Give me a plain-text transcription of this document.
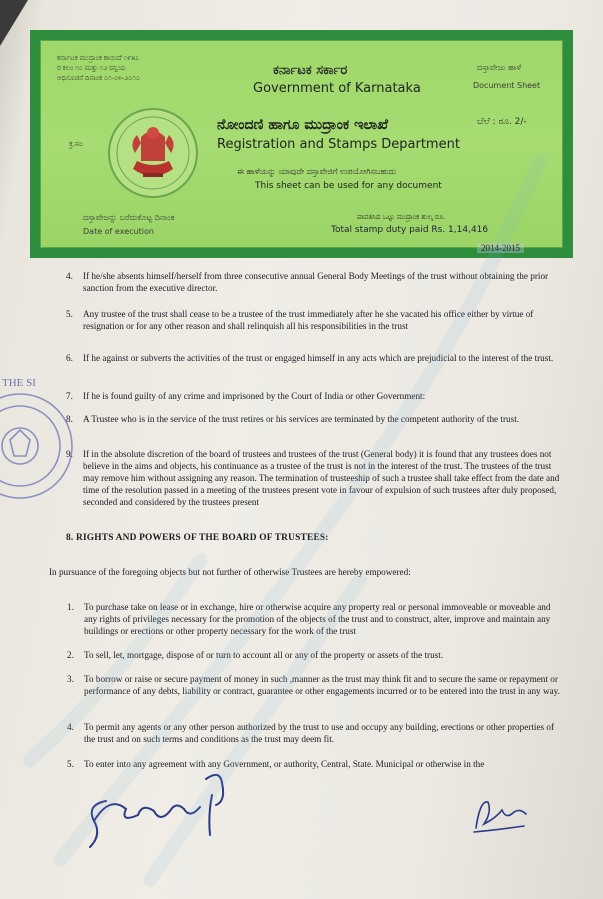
ಕರ್ನಾಟಕ ಮುದ್ರಾಂಕ ಕಾಯಿದೆ ೧೯೫೭
ರ ಕಲಂ ೧೦ ಮತ್ತು ೧೨ ರನ್ವಯ
ಅಧಿಸೂಚನೆ ದಿನಾಂಕ ೦೧-೦೪-೨೦೧೦	ಕರ್ನಾಟಕ ಸರ್ಕಾರ
Government of Karnataka
ದಸ್ತಾವೇಜು ಹಾಳೆ
Document Sheet
ನೋಂದಣಿ ಹಾಗೂ ಮುದ್ರಾಂಕ ಇಲಾಖೆ
Registration and Stamps Department
ಬೆಲೆ : ರೂ. 2/-
ಕ್ರ.ಸಂ
ಈ ಹಾಳೆಯನ್ನು ಯಾವುದೇ ದಸ್ತಾವೇಜಿಗೆ ಉಪಯೋಗಿಸಬಹುದು
This sheet can be used for any document
ದಸ್ತಾವೇಜನ್ನು ಬರೆದುಕೊಟ್ಟ ದಿನಾಂಕ
Date of execution
ಪಾವತಿಸಿದ ಒಟ್ಟು ಮುದ್ರಾಂಕ ಶುಲ್ಕ ರೂ.
Total stamp duty paid Rs. 1,14,416
2014-2015
4. If he/she absents himself/herself from three consecutive annual General Body Meetings of the trust without obtaining the prior sanction from the executive director.
5. Any trustee of the trust shall cease to be a trustee of the trust immediately after he she vacated his office either by virtue of resignation or for any other reason and shall relinquish all his responsibilities in the trust
6. If he against or subverts the activities of the trust or engaged himself in any acts which are prejudicial to the interest of the trust.
7. If he is found guilty of any crime and imprisoned by the Court of India or other Government:
8. A Trustee who is in the service of the trust retires or his services are terminated by the competent authority of the trust.
9. If in the absolute discretion of the board of trustees and trustees of the trust (General body) it is found that any trustees does not believe in the aims and objects, his continuance as a trustee of the trust is not in the interest of the trust. The trustees of the trust may remove him without assigning any reason. The termination of trusteeship of such a trustee shall take effect from the date and time of the resolution passed in a meeting of the trustees present vote in favour of expulsion of such trustees after duly proposed, seconded and considered by the trustees present
8. RIGHTS AND POWERS OF THE BOARD OF TRUSTEES:
In pursuance of the foregoing objects but not further of otherwise Trustees are hereby empowered:
1. To purchase take on lease or in exchange, hire or otherwise acquire any property real or personal immoveable or moveable and any rights of privileges necessary for the promotion of the objects of the trust and to construct, alter, improve and maintain any buildings or erections or other property necessary for the work of the trust
2. To sell, let, mortgage, dispose of or turn to account all or any of the property or assets of the trust.
3. To borrow or raise or secure payment of money in such ,manner as the trust may think fit and to secure the same or repayment or performance of any debts, liability or contract, guarantee or other engagements incurred or to be entered into the trust in any way.
4. To permit any agents or any other person authorized by the trust to use and occupy any building, erections or other properties of the trust and on such terms and conditions as the trust may deem fit.
5. To enter into any agreement with any Government, or authority, Central, State. Municipal or otherwise in the
THE SI
